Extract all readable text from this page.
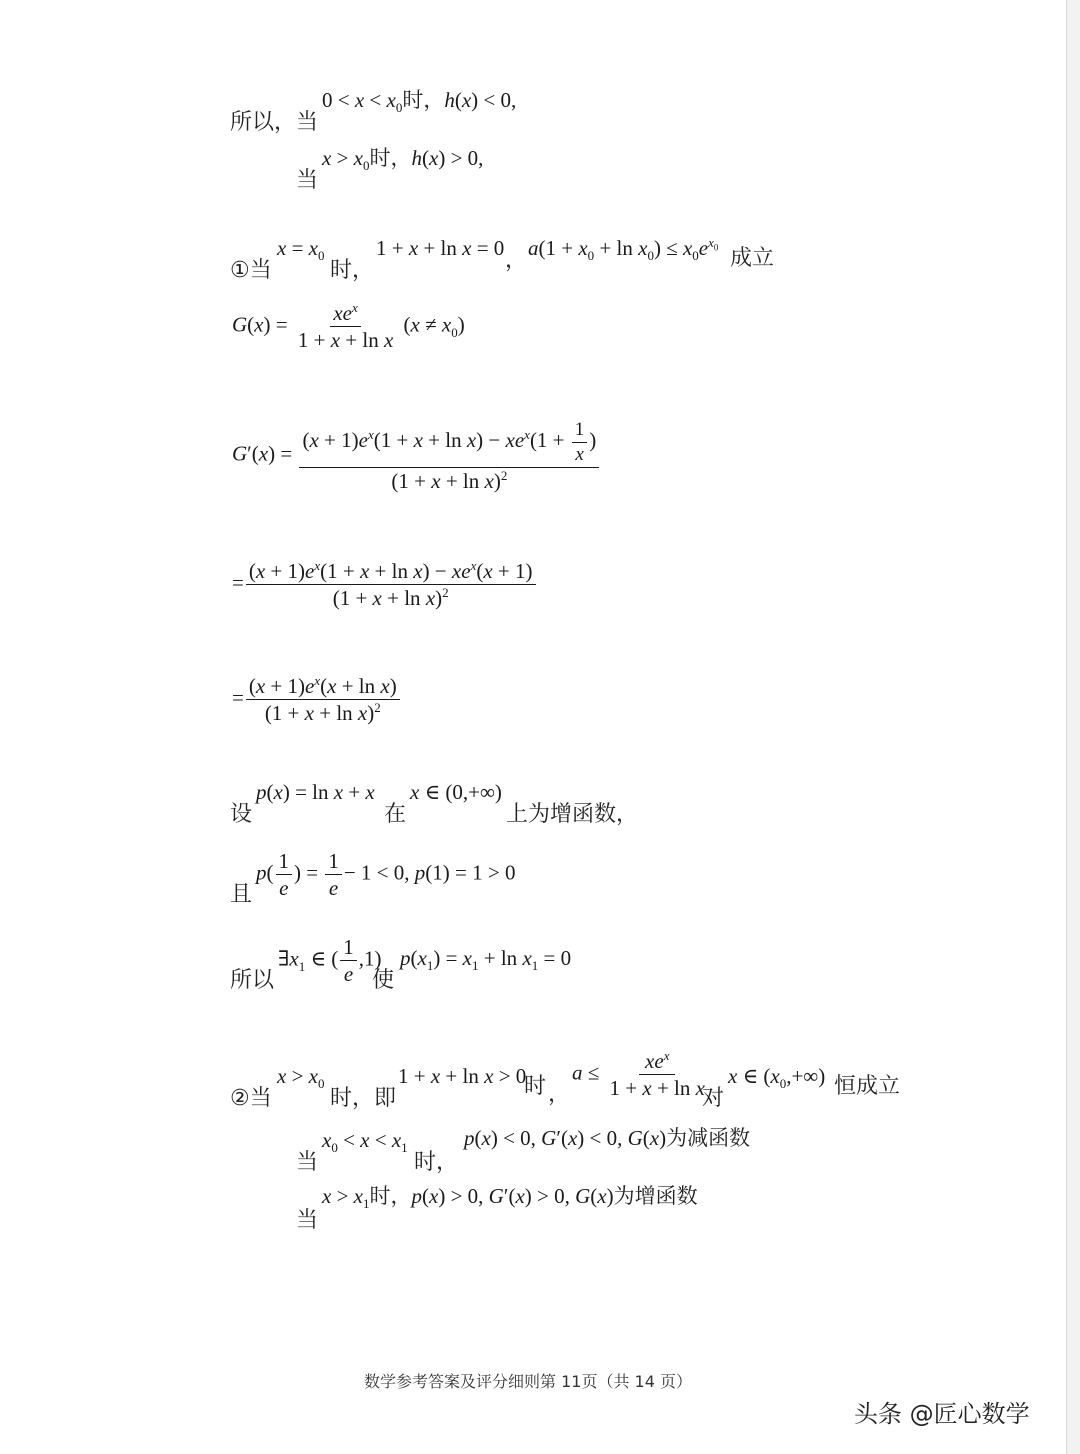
所以，当
$0 < x < x_0$时，h(x) < 0,
当
$x > x_0$时，h(x) > 0,
①当
$x = x_0$
时，
1 + x + ln x = 0 ， $a(1 + x_0 + \ln x_0) \le x_0e^{x_0}$ 成立
$G(x) = \frac{xe^x}{\text{1 + x + ln x}} (x \ne x_0)$
$G'(x) = \frac{(x + 1)e^x(1 + x + \ln x) - xe^x(1 + \frac{1}{x} )}{(1 + x + \ln x)^2}$
= $\frac{(x + 1)e^x(1 + x + \ln x) - xe^x(x + 1)}{(1 + x + \ln x)^2}$
= $\frac{(x + 1)e^x(x + \ln x)}{(1 + x + \ln x)^2}$
设
p(x) = ln x + x
在
x ∈ (0,+∞)
上为增函数，
且
$p( \frac{1}{e}$ ) = $\frac{1}{e} - 1 < 0$, p(1) = 1 > 0
所以
$\exists x_1$ ∈ ( $\frac{1}{e} ,1$)
使
$p(x_1) = x_1 + \ln x_1 = 0$
②当
$x > x_0$
时，即
1 + x + ln x > 0
时 ，
$a \le \frac{xe^x}{\text{1 + x + ln x}}$
对
x ∈ $(x_0,+\infty)$ 恒成立
当
$x_0 < x < x_1$
时，
p(x) < 0, G′(x) < 0, G(x)为减函数
当
$x > x_1$时，p(x) > 0, G′(x) > 0, G(x)为增函数
数学参考答案及评分细则第 11页（共 14 页）
头条 @匠心数学
